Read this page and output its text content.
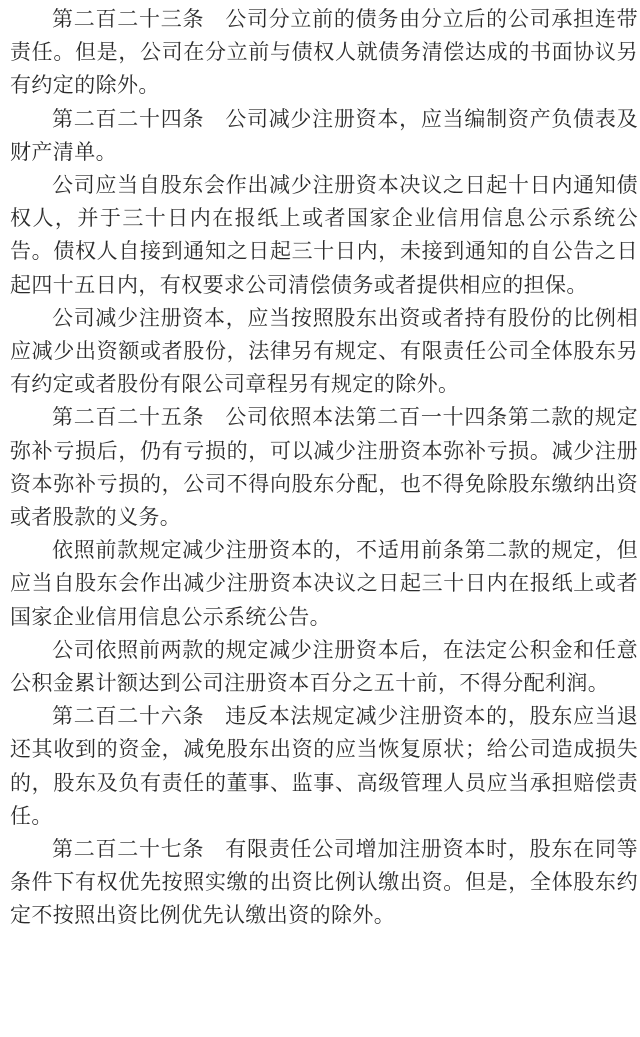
第二百二十三条 公司分立前的债务由分立后的公司承担连带责任。但是，公司在分立前与债权人就债务清偿达成的书面协议另有约定的除外。

第二百二十四条 公司减少注册资本，应当编制资产负债表及财产清单。

公司应当自股东会作出减少注册资本决议之日起十日内通知债权人，并于三十日内在报纸上或者国家企业信用信息公示系统公告。债权人自接到通知之日起三十日内，未接到通知的自公告之日起四十五日内，有权要求公司清偿债务或者提供相应的担保。

公司减少注册资本，应当按照股东出资或者持有股份的比例相应减少出资额或者股份，法律另有规定、有限责任公司全体股东另有约定或者股份有限公司章程另有规定的除外。

第二百二十五条 公司依照本法第二百一十四条第二款的规定弥补亏损后，仍有亏损的，可以减少注册资本弥补亏损。减少注册资本弥补亏损的，公司不得向股东分配，也不得免除股东缴纳出资或者股款的义务。

依照前款规定减少注册资本的，不适用前条第二款的规定，但应当自股东会作出减少注册资本决议之日起三十日内在报纸上或者国家企业信用信息公示系统公告。

公司依照前两款的规定减少注册资本后，在法定公积金和任意公积金累计额达到公司注册资本百分之五十前，不得分配利润。

第二百二十六条 违反本法规定减少注册资本的，股东应当退还其收到的资金，减免股东出资的应当恢复原状；给公司造成损失的，股东及负有责任的董事、监事、高级管理人员应当承担赔偿责任。

第二百二十七条 有限责任公司增加注册资本时，股东在同等条件下有权优先按照实缴的出资比例认缴出资。但是，全体股东约定不按照出资比例优先认缴出资的除外。
